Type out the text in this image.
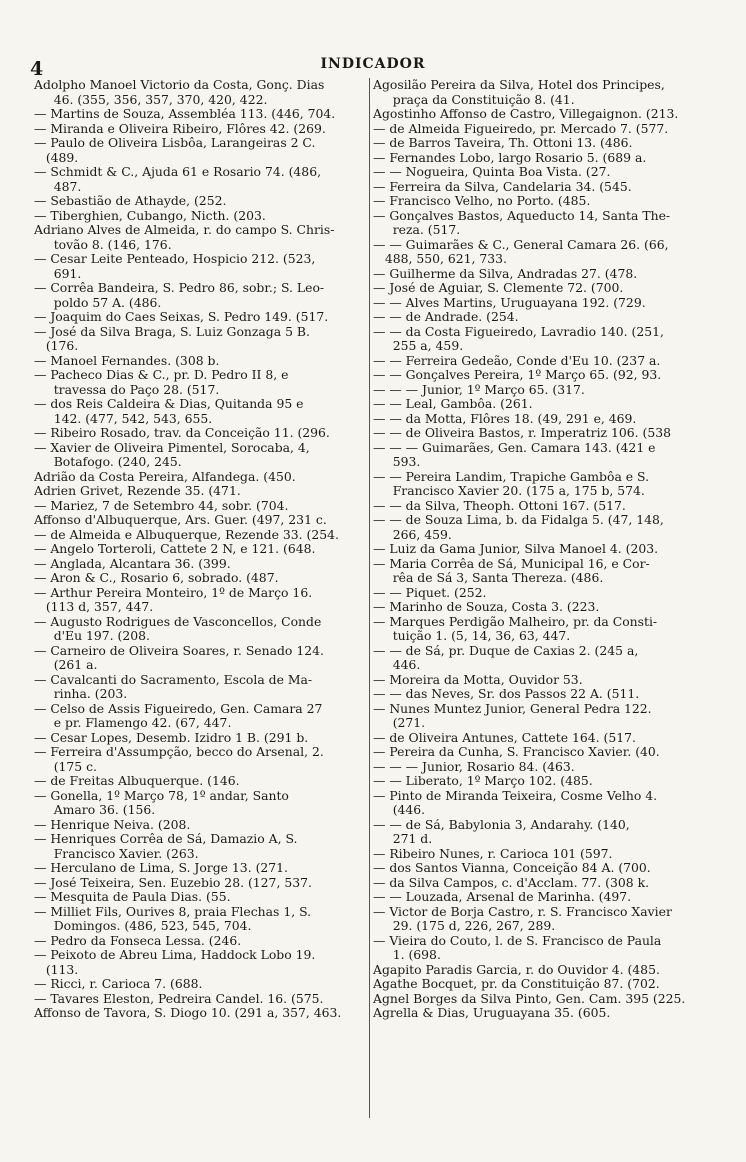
4	INDICADOR
Adolpho Manoel Victorio da Costa, Gonç. Dias
46. (355, 356, 357, 370, 420, 422.
— Martins de Souza, Assembléa 113. (446, 704.
— Miranda e Oliveira Ribeiro, Flôres 42. (269.
— Paulo de Oliveira Lisbôa, Larangeiras 2 C.
(489.
— Schmidt & C., Ajuda 61 e Rosario 74. (486,
487.
— Sebastião de Athayde, (252.
— Tiberghien, Cubango, Nicth. (203.
Adriano Alves de Almeida, r. do campo S. Chris-
tovão 8. (146, 176.
— Cesar Leite Penteado, Hospicio 212. (523,
691.
— Corrêa Bandeira, S. Pedro 86, sobr.; S. Leo-
poldo 57 A. (486.
— Joaquim do Caes Seixas, S. Pedro 149. (517.
— José da Silva Braga, S. Luiz Gonzaga 5 B.
(176.
— Manoel Fernandes. (308 b.
— Pacheco Dias & C., pr. D. Pedro II 8, e
travessa do Paço 28. (517.
— dos Reis Caldeira & Dias, Quitanda 95 e
142. (477, 542, 543, 655.
— Ribeiro Rosado, trav. da Conceição 11. (296.
— Xavier de Oliveira Pimentel, Sorocaba, 4,
Botafogo. (240, 245.
Adrião da Costa Pereira, Alfandega. (450.
Adrien Grivet, Rezende 35. (471.
— Mariez, 7 de Setembro 44, sobr. (704.
Affonso d'Albuquerque, Ars. Guer. (497, 231 c.
— de Almeida e Albuquerque, Rezende 33. (254.
— Angelo Torteroli, Cattete 2 N, e 121. (648.
— Anglada, Alcantara 36. (399.
— Aron & C., Rosario 6, sobrado. (487.
— Arthur Pereira Monteiro, 1º de Março 16.
(113 d, 357, 447.
— Augusto Rodrigues de Vasconcellos, Conde
d'Eu 197. (208.
— Carneiro de Oliveira Soares, r. Senado 124.
(261 a.
— Cavalcanti do Sacramento, Escola de Ma-
rinha. (203.
— Celso de Assis Figueiredo, Gen. Camara 27
e pr. Flamengo 42. (67, 447.
— Cesar Lopes, Desemb. Izidro 1 B. (291 b.
— Ferreira d'Assumpção, becco do Arsenal, 2.
(175 c.
— de Freitas Albuquerque. (146.
— Gonella, 1º Março 78, 1º andar, Santo
Amaro 36. (156.
— Henrique Neiva. (208.
— Henriques Corrêa de Sá, Damazio A, S.
Francisco Xavier. (263.
— Herculano de Lima, S. Jorge 13. (271.
— José Teixeira, Sen. Euzebio 28. (127, 537.
— Mesquita de Paula Dias. (55.
— Milliet Fils, Ourives 8, praia Flechas 1, S.
Domingos. (486, 523, 545, 704.
— Pedro da Fonseca Lessa. (246.
— Peixoto de Abreu Lima, Haddock Lobo 19.
(113.
— Ricci, r. Carioca 7. (688.
— Tavares Eleston, Pedreira Candel. 16. (575.
Affonso de Tavora, S. Diogo 10. (291 a, 357, 463.
Agosilão Pereira da Silva, Hotel dos Principes,
praça da Constituição 8. (41.
Agostinho Affonso de Castro, Villegaignon. (213.
— de Almeida Figueiredo, pr. Mercado 7. (577.
— de Barros Taveira, Th. Ottoni 13. (486.
— Fernandes Lobo, largo Rosario 5. (689 a.
— — Nogueira, Quinta Boa Vista. (27.
— Ferreira da Silva, Candelaria 34. (545.
— Francisco Velho, no Porto. (485.
— Gonçalves Bastos, Aqueducto 14, Santa The-
reza. (517.
— — Guimarães & C., General Camara 26. (66,
488, 550, 621, 733.
— Guilherme da Silva, Andradas 27. (478.
— José de Aguiar, S. Clemente 72. (700.
— — Alves Martins, Uruguayana 192. (729.
— — de Andrade. (254.
— — da Costa Figueiredo, Lavradio 140. (251,
255 a, 459.
— — Ferreira Gedeão, Conde d'Eu 10. (237 a.
— — Gonçalves Pereira, 1º Março 65. (92, 93.
— — — Junior, 1º Março 65. (317.
— — Leal, Gambôa. (261.
— — da Motta, Flôres 18. (49, 291 e, 469.
— — de Oliveira Bastos, r. Imperatriz 106. (538
— — — Guimarães, Gen. Camara 143. (421 e
593.
— — Pereira Landim, Trapiche Gambôa e S.
Francisco Xavier 20. (175 a, 175 b, 574.
— — da Silva, Theoph. Ottoni 167. (517.
— — de Souza Lima, b. da Fidalga 5. (47, 148,
266, 459.
— Luiz da Gama Junior, Silva Manoel 4. (203.
— Maria Corrêa de Sá, Municipal 16, e Cor-
rêa de Sá 3, Santa Thereza. (486.
— — Piquet. (252.
— Marinho de Souza, Costa 3. (223.
— Marques Perdigão Malheiro, pr. da Consti-
tuição 1. (5, 14, 36, 63, 447.
— — de Sá, pr. Duque de Caxias 2. (245 a,
446.
— Moreira da Motta, Ouvidor 53.
— — das Neves, Sr. dos Passos 22 A. (511.
— Nunes Muntez Junior, General Pedra 122.
(271.
— de Oliveira Antunes, Cattete 164. (517.
— Pereira da Cunha, S. Francisco Xavier. (40.
— — — Junior, Rosario 84. (463.
— — Liberato, 1º Março 102. (485.
— Pinto de Miranda Teixeira, Cosme Velho 4.
(446.
— — de Sá, Babylonia 3, Andarahy. (140,
271 d.
— Ribeiro Nunes, r. Carioca 101 (597.
— dos Santos Vianna, Conceição 84 A. (700.
— da Silva Campos, c. d'Acclam. 77. (308 k.
— — Louzada, Arsenal de Marinha. (497.
— Victor de Borja Castro, r. S. Francisco Xavier
29. (175 d, 226, 267, 289.
— Vieira do Couto, l. de S. Francisco de Paula
1. (698.
Agapito Paradis Garcia, r. do Ouvidor 4. (485.
Agathe Bocquet, pr. da Constituição 87. (702.
Agnel Borges da Silva Pinto, Gen. Cam. 395 (225.
Agrella & Dias, Uruguayana 35. (605.
